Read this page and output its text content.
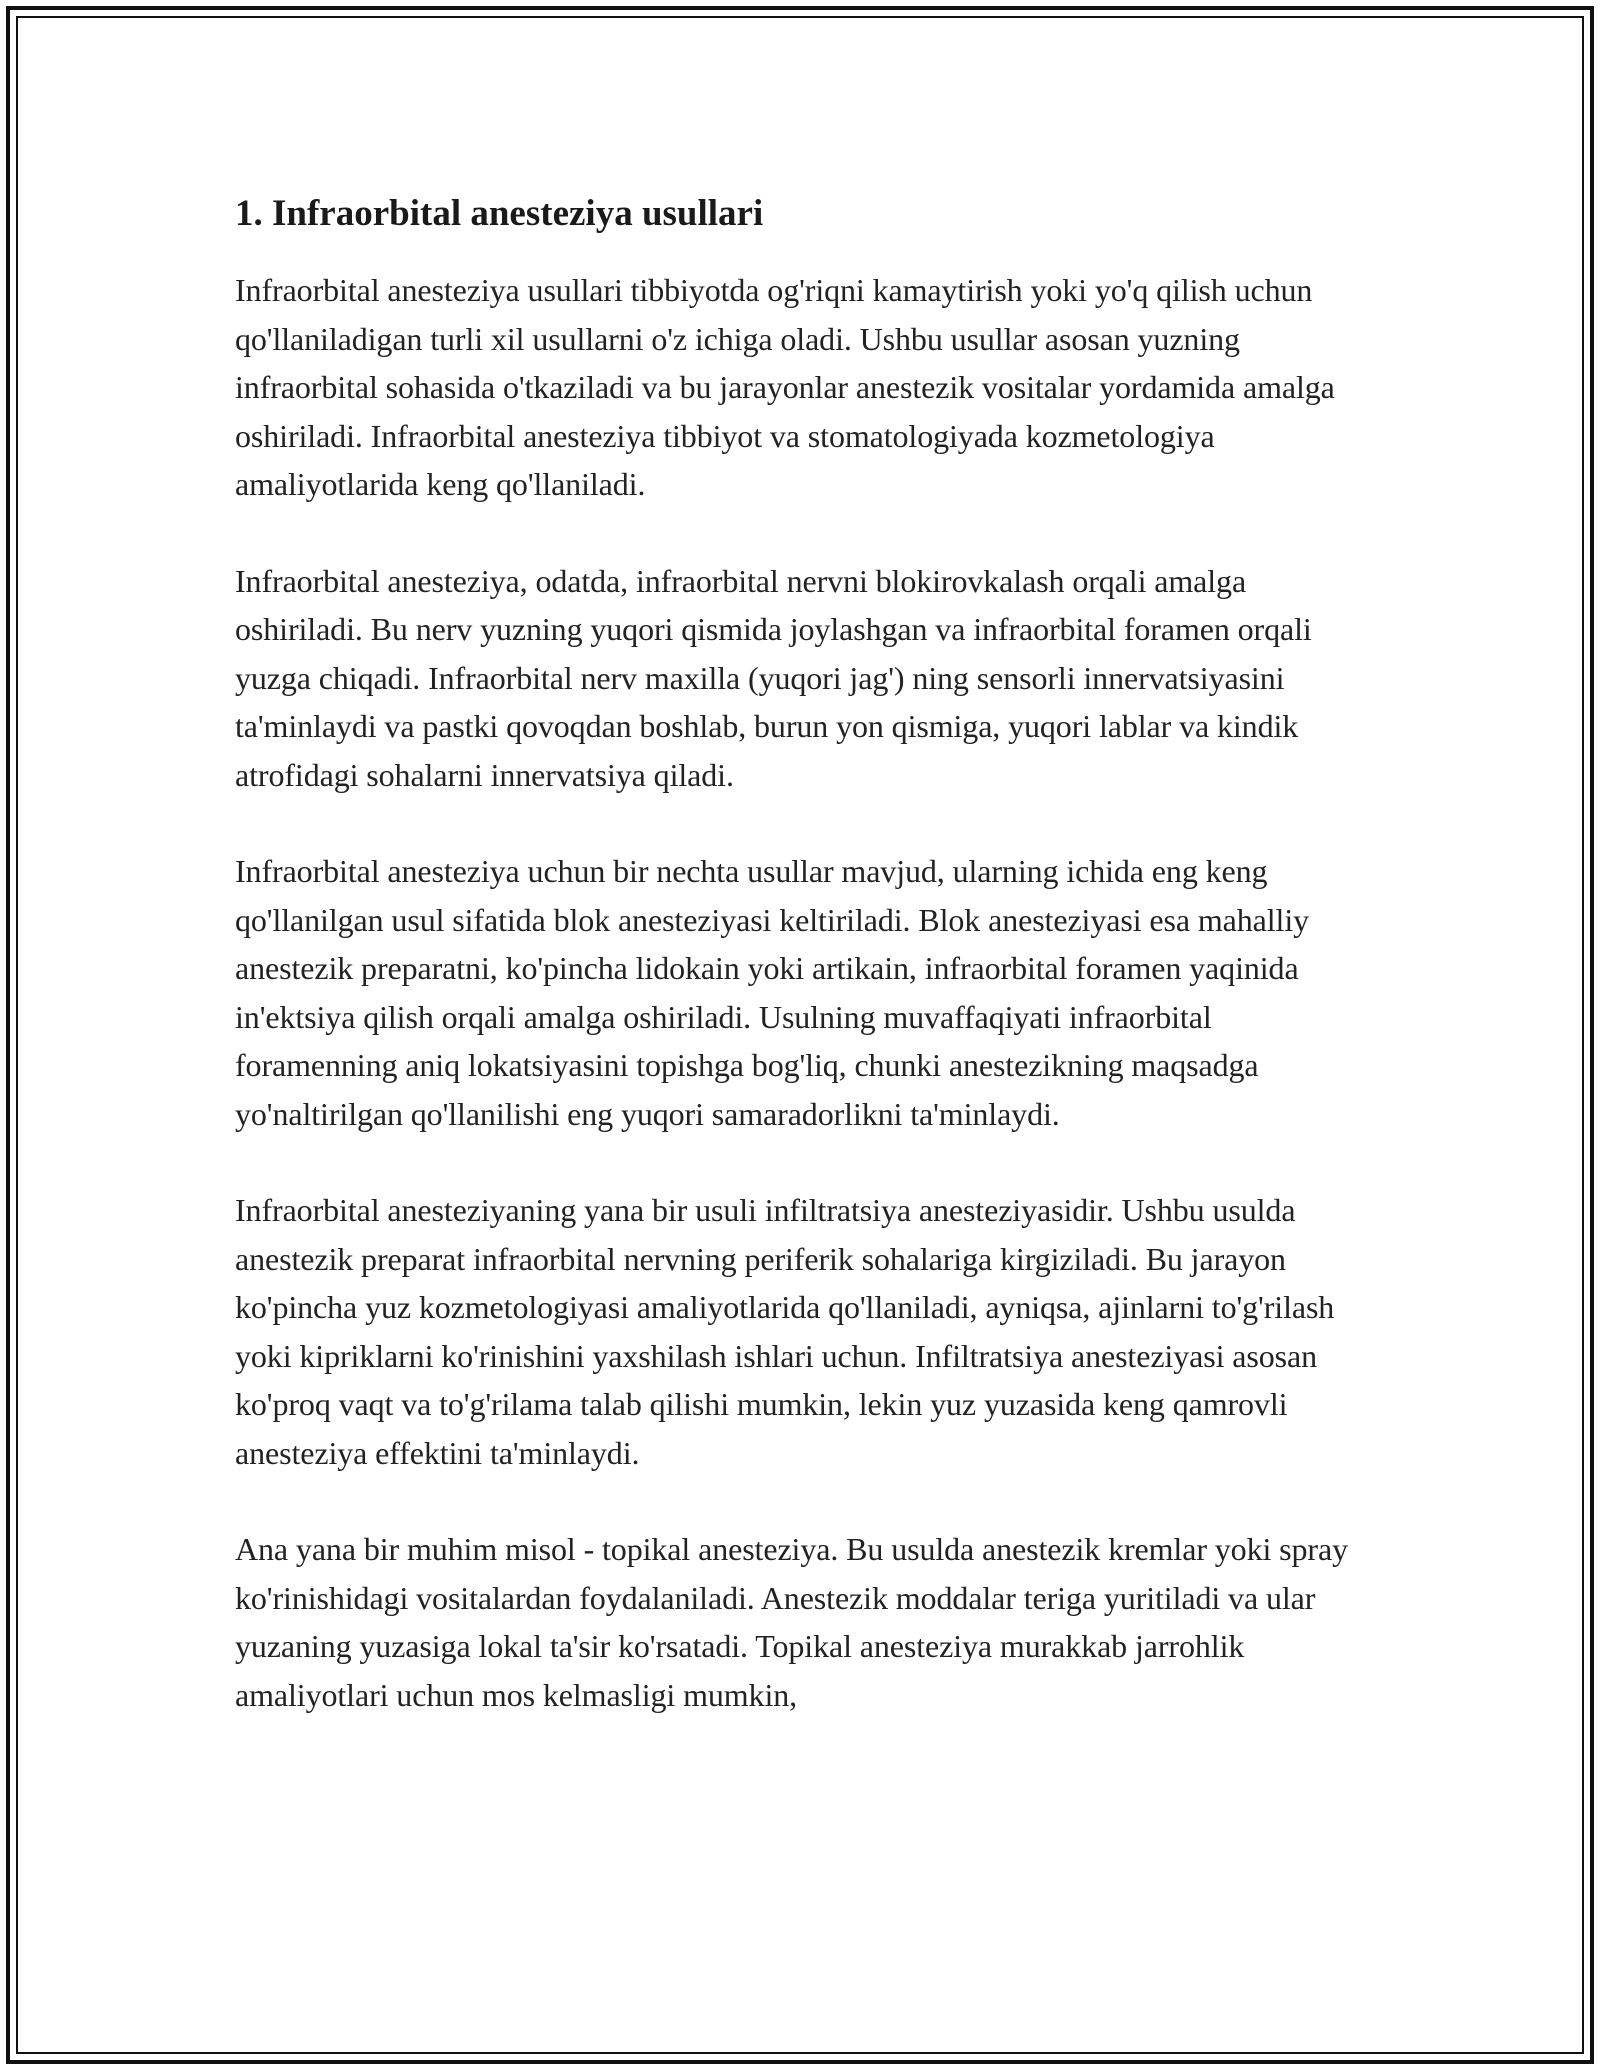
1. Infraorbital anesteziya usullari

Infraorbital anesteziya usullari tibbiyotda og'riqni kamaytirish yoki yo'q qilish uchun qo'llaniladigan turli xil usullarni o'z ichiga oladi. Ushbu usullar asosan yuzning infraorbital sohasida o'tkaziladi va bu jarayonlar anestezik vositalar yordamida amalga oshiriladi. Infraorbital anesteziya tibbiyot va stomatologiyada kozmetologiya amaliyotlarida keng qo'llaniladi.

Infraorbital anesteziya, odatda, infraorbital nervni blokirovkalash orqali amalga oshiriladi. Bu nerv yuzning yuqori qismida joylashgan va infraorbital foramen orqali yuzga chiqadi. Infraorbital nerv maxilla (yuqori jag') ning sensorli innervatsiyasini ta'minlaydi va pastki qovoqdan boshlab, burun yon qismiga, yuqori lablar va kindik atrofidagi sohalarni innervatsiya qiladi.

Infraorbital anesteziya uchun bir nechta usullar mavjud, ularning ichida eng keng qo'llanilgan usul sifatida blok anesteziyasi keltiriladi. Blok anesteziyasi esa mahalliy anestezik preparatni, ko'pincha lidokain yoki artikain, infraorbital foramen yaqinida in'ektsiya qilish orqali amalga oshiriladi. Usulning muvaffaqiyati infraorbital foramenning aniq lokatsiyasini topishga bog'liq, chunki anestezikning maqsadga yo'naltirilgan qo'llanilishi eng yuqori samaradorlikni ta'minlaydi.

Infraorbital anesteziyaning yana bir usuli infiltratsiya anesteziyasidir. Ushbu usulda anestezik preparat infraorbital nervning periferik sohalariga kirgiziladi. Bu jarayon ko'pincha yuz kozmetologiyasi amaliyotlarida qo'llaniladi, ayniqsa, ajinlarni to'g'rilash yoki kipriklarni ko'rinishini yaxshilash ishlari uchun. Infiltratsiya anesteziyasi asosan ko'proq vaqt va to'g'rilama talab qilishi mumkin, lekin yuz yuzasida keng qamrovli anesteziya effektini ta'minlaydi.

Ana yana bir muhim misol - topikal anesteziya. Bu usulda anestezik kremlar yoki spray ko'rinishidagi vositalardan foydalaniladi. Anestezik moddalar teriga yuritiladi va ular yuzaning yuzasiga lokal ta'sir ko'rsatadi. Topikal anesteziya murakkab jarrohlik amaliyotlari uchun mos kelmasligi mumkin,
